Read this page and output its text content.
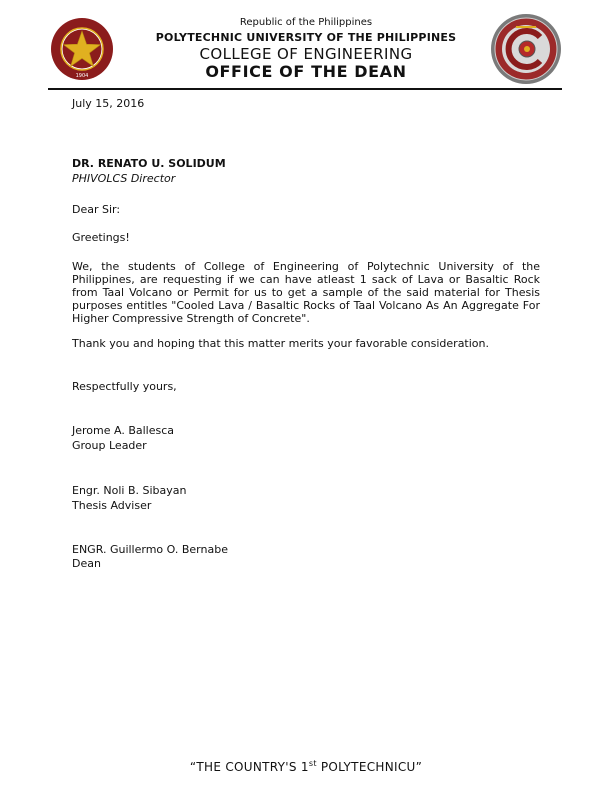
1904
Republic of the Philippines
POLYTECHNIC UNIVERSITY OF THE PHILIPPINES
COLLEGE OF ENGINEERING
OFFICE OF THE DEAN
July 15, 2016
DR. RENATO U. SOLIDUM
PHIVOLCS Director
Dear Sir:
Greetings!
We, the students of College of Engineering of Polytechnic University of the Philippines, are requesting if we can have atleast 1 sack of Lava or Basaltic Rock from Taal Volcano or Permit for us to get a sample of the said material for Thesis purposes entitles "Cooled Lava / Basaltic Rocks of Taal Volcano As An Aggregate For Higher Compressive Strength of Concrete".
Thank you and hoping that this matter merits your favorable consideration.
Respectfully yours,
Jerome A. Ballesca
Group Leader
Engr. Noli B. Sibayan
Thesis Adviser
ENGR. Guillermo O. Bernabe
Dean
“THE COUNTRY'S 1st POLYTECHNICU”
